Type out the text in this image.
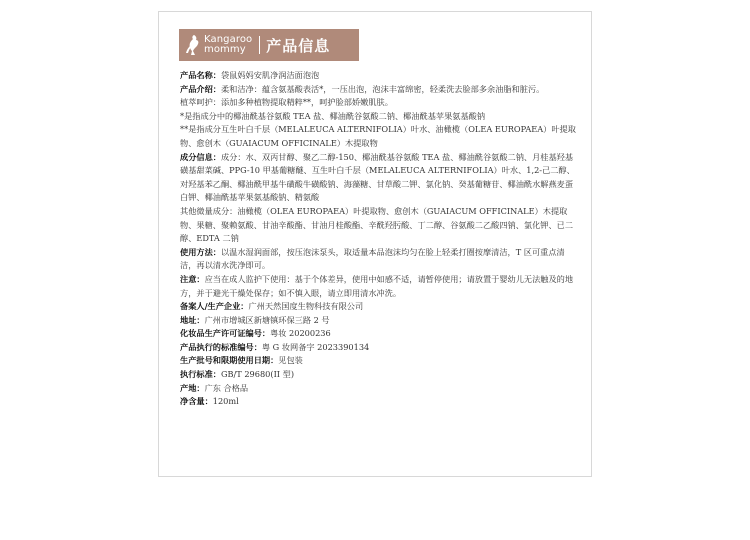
Kangaroo
mommy	产品信息

产品名称：袋鼠妈妈安肌净润洁面泡泡

产品介绍：柔和洁净：蕴含氨基酸表活*，一压出泡，泡沫丰富绵密，轻柔洗去脸部多余油脂和脏污。

植萃呵护：添加多种植物提取精粹**，呵护脸部娇嫩肌肤。

*是指成分中的椰油酰基谷氨酸 TEA 盐、椰油酰谷氨酸二钠、椰油酰基苹果氨基酸钠

**是指成分互生叶白千层（MELALEUCA ALTERNIFOLIA）叶水、油橄榄（OLEA EUROPAEA）叶提取物、愈创木（GUAIACUM OFFICINALE）木提取物

成分信息：成分：水、双丙甘醇、聚乙二醇-150、椰油酰基谷氨酸 TEA 盐、椰油酰谷氨酸二钠、月桂基羟基磺基甜菜碱、PPG-10 甲基葡糖醚、互生叶白千层（MELALEUCA ALTERNIFOLIA）叶水、1,2-己二醇、对羟基苯乙酮、椰油酰甲基牛磺酸牛磺酸钠、海藻糖、甘草酸二钾、氯化钠、癸基葡糖苷、椰油酰水解燕麦蛋白钾、椰油酰基苹果氨基酸钠、精氨酸

其他微量成分：油橄榄（OLEA EUROPAEA）叶提取物、愈创木（GUAIACUM OFFICINALE）木提取物、果糖、聚赖氨酸、甘油辛酸酯、甘油月桂酸酯、辛酰羟肟酸、丁二醇、谷氨酸二乙酸四钠、氯化钾、已二醇、EDTA 二钠

使用方法：以温水湿润面部，按压泡沫泵头，取适量本品泡沫均匀在脸上轻柔打圈按摩清洁，T 区可重点清洁，再以清水洗净即可。

注意：应当在成人监护下使用：基于个体差异，使用中如感不适，请暂停使用；请放置于婴幼儿无法触及的地方，并于避光干燥处保存；如不慎入眼，请立即用清水冲洗。

备案人/生产企业：广州天然国度生物科技有限公司

地址：广州市增城区新塘镇环保三路 2 号

化妆品生产许可证编号：粤妆 20200236

产品执行的标准编号：粤 G 妆网备字 2023390134

生产批号和限期使用日期：见包装

执行标准：GB/T 29680(II 型)

产地：广东 合格品

净含量：120ml
